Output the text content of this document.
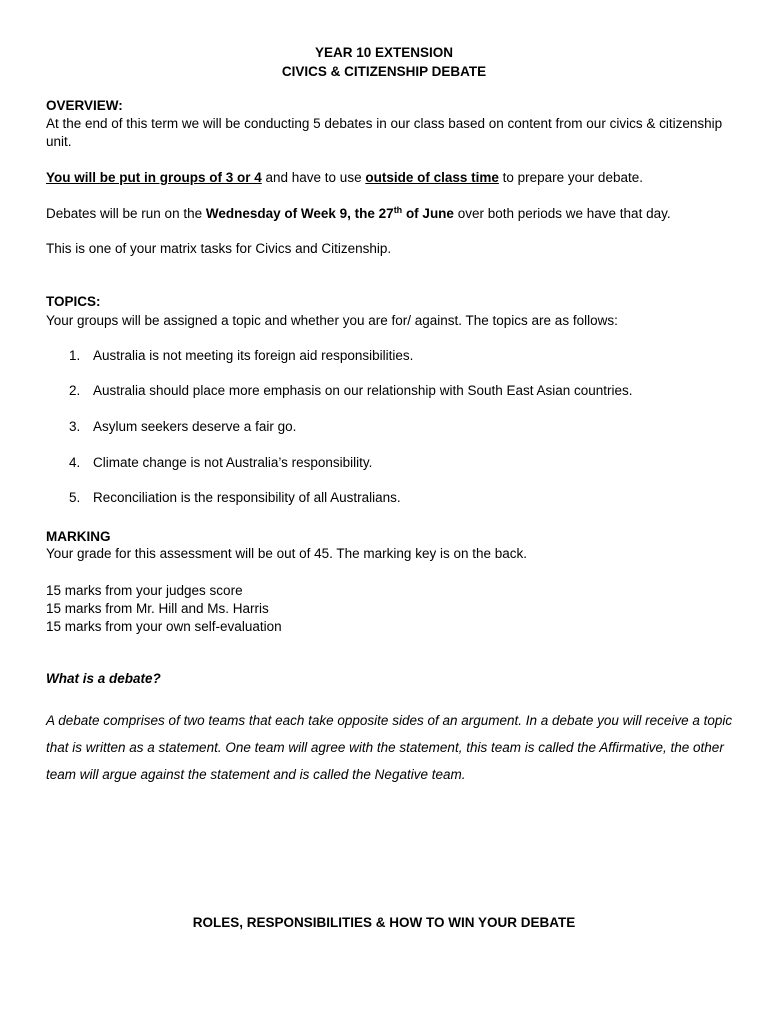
YEAR 10 EXTENSION
CIVICS & CITIZENSHIP DEBATE
OVERVIEW:
At the end of this term we will be conducting 5 debates in our class based on content from our civics & citizenship unit.
You will be put in groups of 3 or 4 and have to use outside of class time to prepare your debate.
Debates will be run on the Wednesday of Week 9, the 27th of June over both periods we have that day.
This is one of your matrix tasks for Civics and Citizenship.
TOPICS:
Your groups will be assigned a topic and whether you are for/ against. The topics are as follows:
1. Australia is not meeting its foreign aid responsibilities.
2. Australia should place more emphasis on our relationship with South East Asian countries.
3. Asylum seekers deserve a fair go.
4. Climate change is not Australia’s responsibility.
5. Reconciliation is the responsibility of all Australians.
MARKING
Your grade for this assessment will be out of 45. The marking key is on the back.
15 marks from your judges score
15 marks from Mr. Hill and Ms. Harris
15 marks from your own self-evaluation
What is a debate?
A debate comprises of two teams that each take opposite sides of an argument. In a debate you will receive a topic that is written as a statement. One team will agree with the statement, this team is called the Affirmative, the other team will argue against the statement and is called the Negative team.
ROLES, RESPONSIBILITIES & HOW TO WIN YOUR DEBATE
